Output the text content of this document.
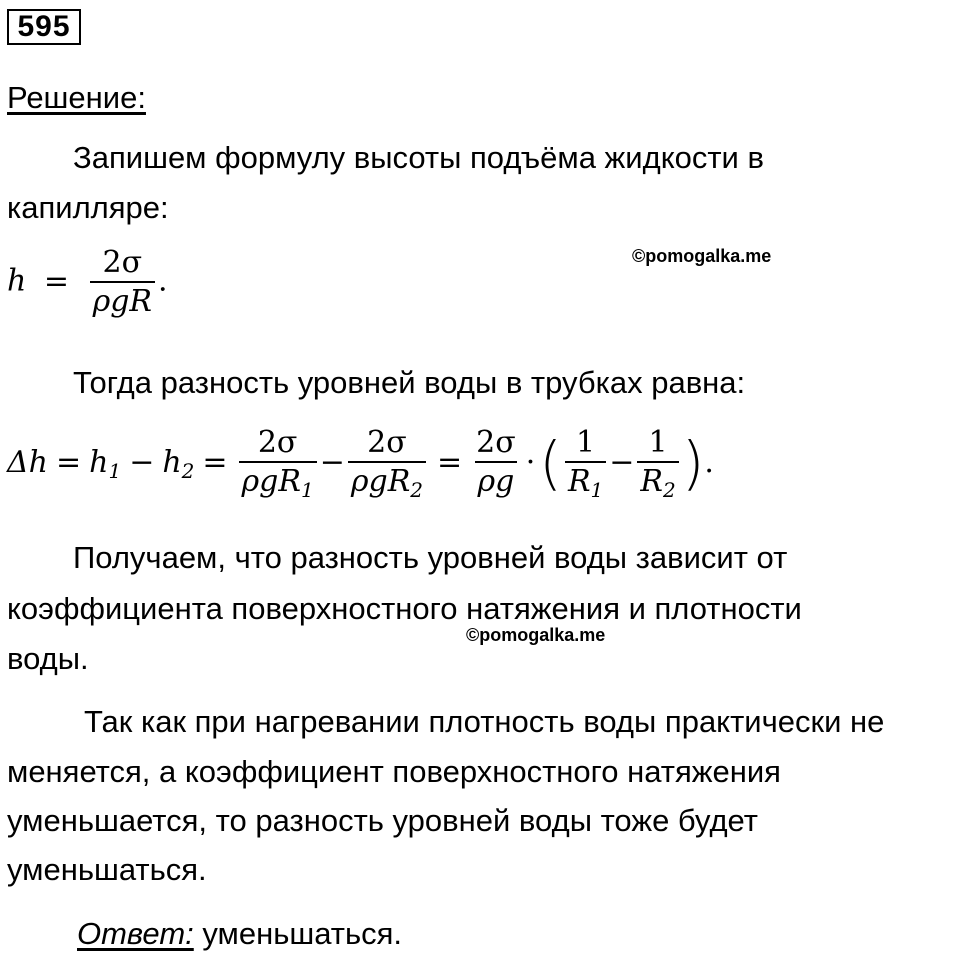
595
Решение:
Запишем формулу высоты подъёма жидкости в
капилляре:
©pomogalka.me
$h = \frac{2\sigma}{\text{ρgR}}$ .
Тогда разность уровней воды в трубках равна:
$\Delta h = h_1 - h_2 = \frac{2\sigma}{\rho gR_1} - \frac{2\sigma}{\rho gR_2} = \frac{2\sigma}{\rho g}$ · ( $\frac{1}{R_1} - \frac{1}{R_2}$ ) .
Получаем, что разность уровней воды зависит от
коэффициента поверхностного натяжения и плотности
©pomogalka.me
воды.
Так как при нагревании плотность воды практически не
меняется, а коэффициент поверхностного натяжения
уменьшается, то разность уровней воды тоже будет
уменьшаться.
Ответ: уменьшаться.
